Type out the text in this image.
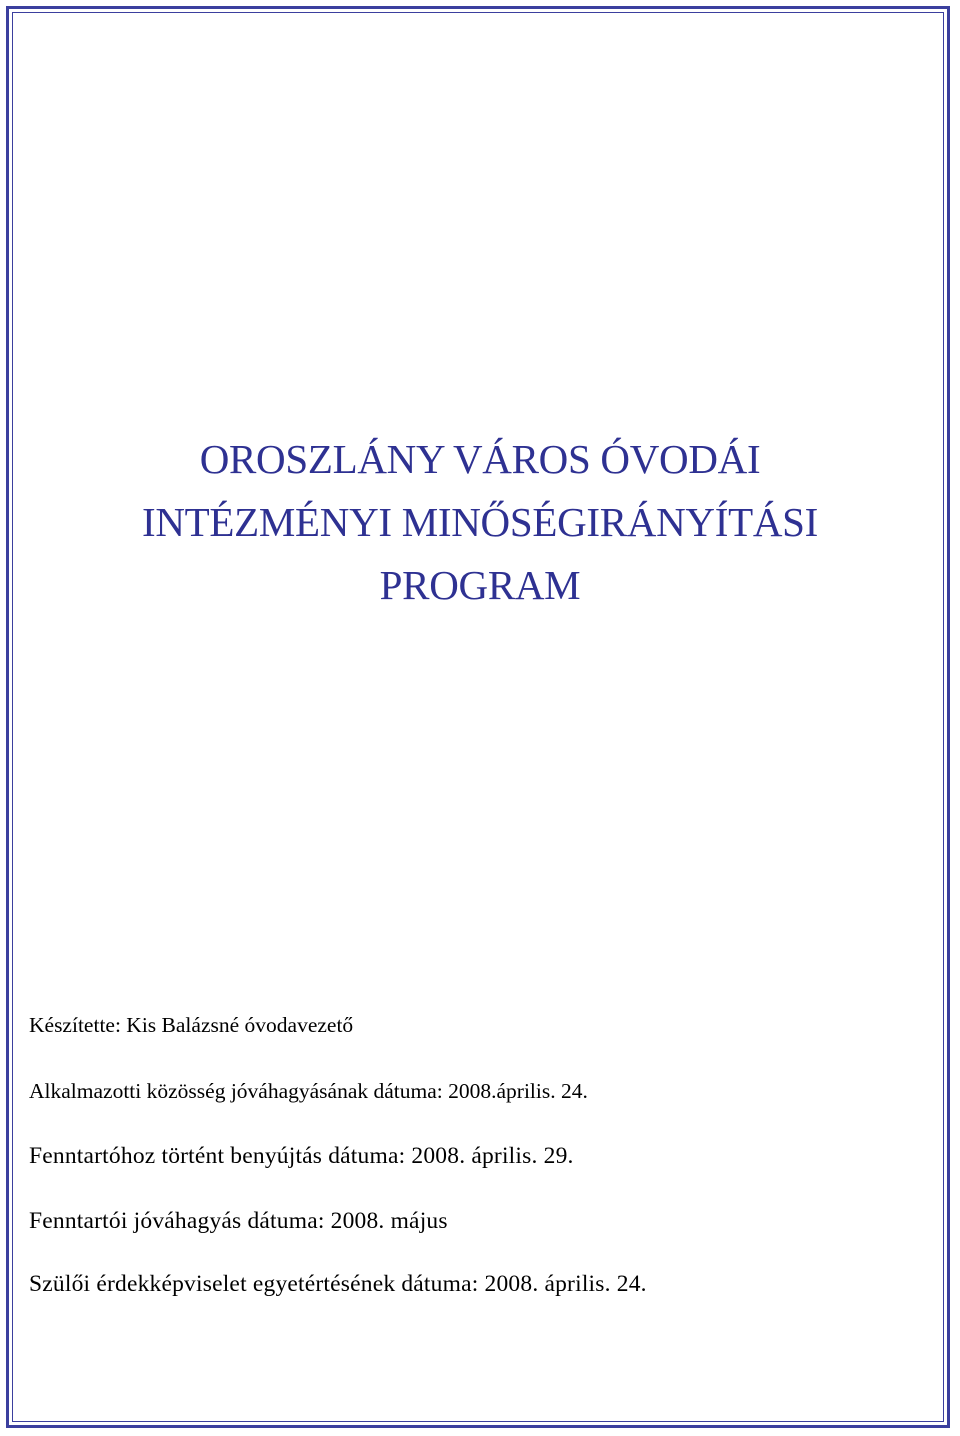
OROSZLÁNY VÁROS ÓVODÁI
INTÉZMÉNYI MINŐSÉGIRÁNYÍTÁSI
PROGRAM
Készítette: Kis Balázsné óvodavezető
Alkalmazotti közösség jóváhagyásának dátuma: 2008.április. 24.
Fenntartóhoz történt benyújtás dátuma: 2008. április. 29.
Fenntartói jóváhagyás dátuma: 2008. május
Szülői érdekképviselet egyetértésének dátuma: 2008. április. 24.
